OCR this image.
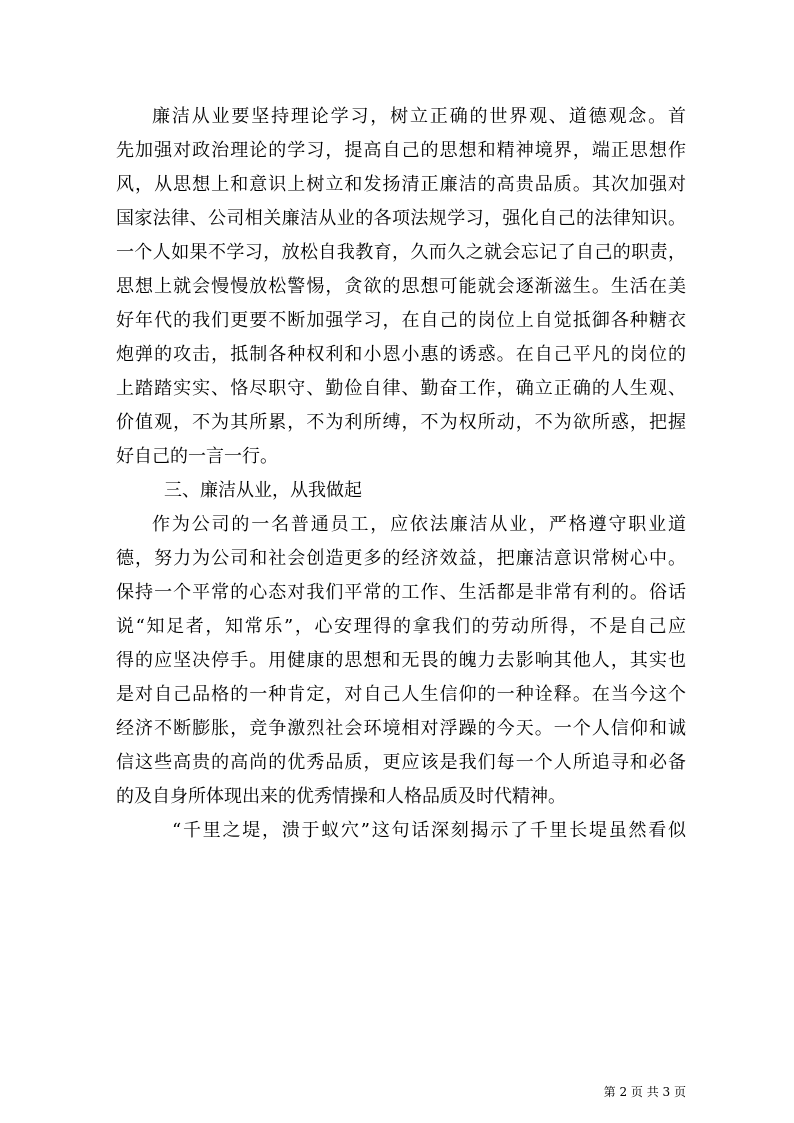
廉洁从业要坚持理论学习，树立正确的世界观、道德观念。首
先加强对政治理论的学习，提高自己的思想和精神境界，端正思想作
风，从思想上和意识上树立和发扬清正廉洁的高贵品质。其次加强对
国家法律、公司相关廉洁从业的各项法规学习，强化自己的法律知识。
一个人如果不学习，放松自我教育，久而久之就会忘记了自己的职责，
思想上就会慢慢放松警惕，贪欲的思想可能就会逐渐滋生。生活在美
好年代的我们更要不断加强学习，在自己的岗位上自觉抵御各种糖衣
炮弹的攻击，抵制各种权利和小恩小惠的诱惑。在自己平凡的岗位的
上踏踏实实、恪尽职守、勤俭自律、勤奋工作，确立正确的人生观、
价值观，不为其所累，不为利所缚，不为权所动，不为欲所惑，把握
好自己的一言一行。
三、廉洁从业，从我做起
作为公司的一名普通员工，应依法廉洁从业，严格遵守职业道
德，努力为公司和社会创造更多的经济效益，把廉洁意识常树心中。
保持一个平常的心态对我们平常的工作、生活都是非常有利的。俗话
说“知足者，知常乐”，心安理得的拿我们的劳动所得，不是自己应
得的应坚决停手。用健康的思想和无畏的魄力去影响其他人，其实也
是对自己品格的一种肯定，对自己人生信仰的一种诠释。在当今这个
经济不断膨胀，竞争激烈社会环境相对浮躁的今天。一个人信仰和诚
信这些高贵的高尚的优秀品质，更应该是我们每一个人所追寻和必备
的及自身所体现出来的优秀情操和人格品质及时代精神。
“千里之堤，溃于蚁穴”这句话深刻揭示了千里长堤虽然看似
第 2 页 共 3 页
